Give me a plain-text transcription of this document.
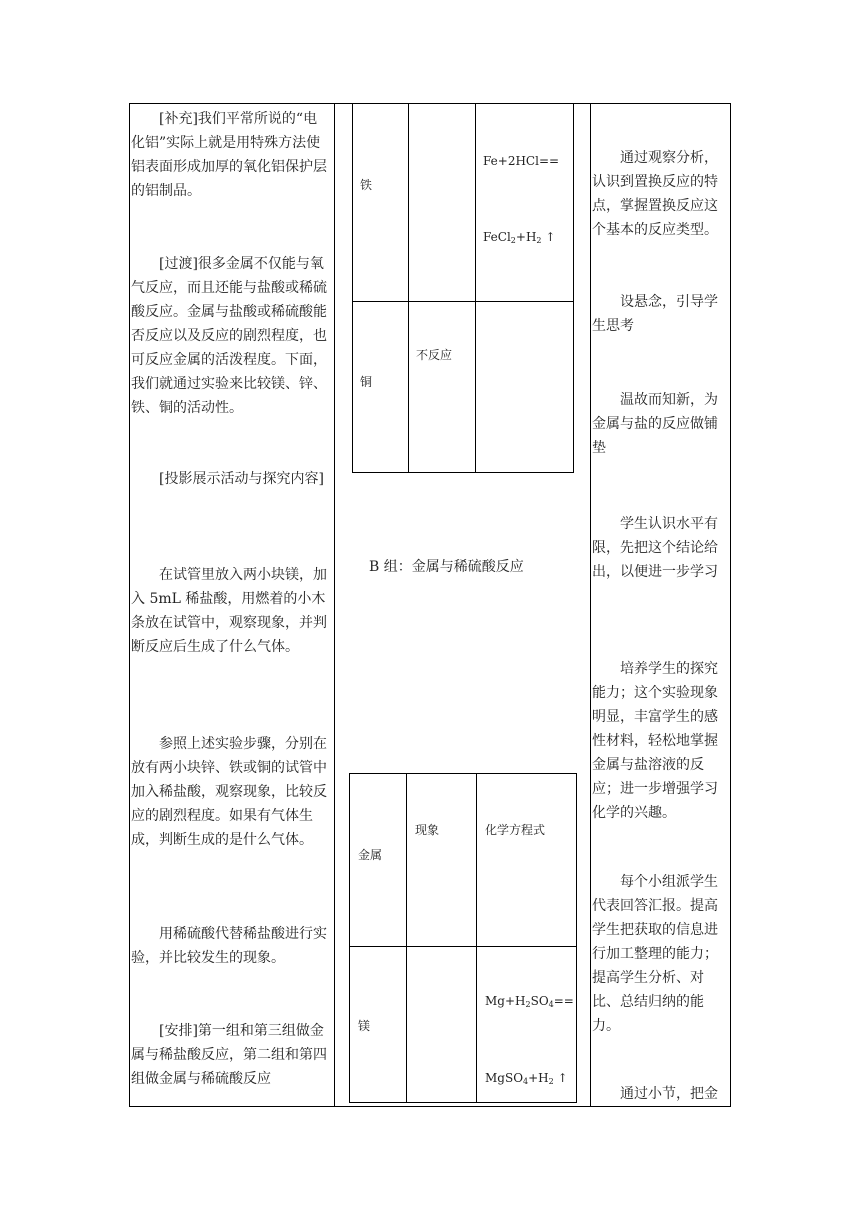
[补充]我们平常所说的“电化铝”实际上就是用特殊方法使铝表面形成加厚的氧化铝保护层的铝制品。

[过渡]很多金属不仅能与氧气反应，而且还能与盐酸或稀硫酸反应。金属与盐酸或稀硫酸能否反应以及反应的剧烈程度，也可反应金属的活泼程度。下面，我们就通过实验来比较镁、锌、铁、铜的活动性。

[投影展示活动与探究内容]

在试管里放入两小块镁，加入 5mL 稀盐酸，用燃着的小木条放在试管中，观察现象，并判断反应后生成了什么气体。

参照上述实验步骤，分别在放有两小块锌、铁或铜的试管中加入稀盐酸，观察现象，比较反应的剧烈程度。如果有气体生成，判断生成的是什么气体。

用稀硫酸代替稀盐酸进行实验，并比较发生的现象。

[安排]第一组和第三组做金属与稀盐酸反应，第二组和第四组做金属与稀硫酸反应

铁
Fe+2HCl==
$FeCl_2+H_2$ ↑
铜
不反应
B 组：金属与稀硫酸反应
金属
现象	化学方程式
镁
$Mg+H_2SO_4==$
$MgSO_4+H_2$ ↑

通过观察分析，认识到置换反应的特点，掌握置换反应这个基本的反应类型。

设悬念，引导学生思考

温故而知新，为金属与盐的反应做铺垫

学生认识水平有限，先把这个结论给出，以便进一步学习

培养学生的探究能力；这个实验现象明显，丰富学生的感性材料，轻松地掌握金属与盐溶液的反应；进一步增强学习化学的兴趣。

每个小组派学生代表回答汇报。提高学生把获取的信息进行加工整理的能力；提高学生分析、对比、总结归纳的能力。

通过小节，把金
